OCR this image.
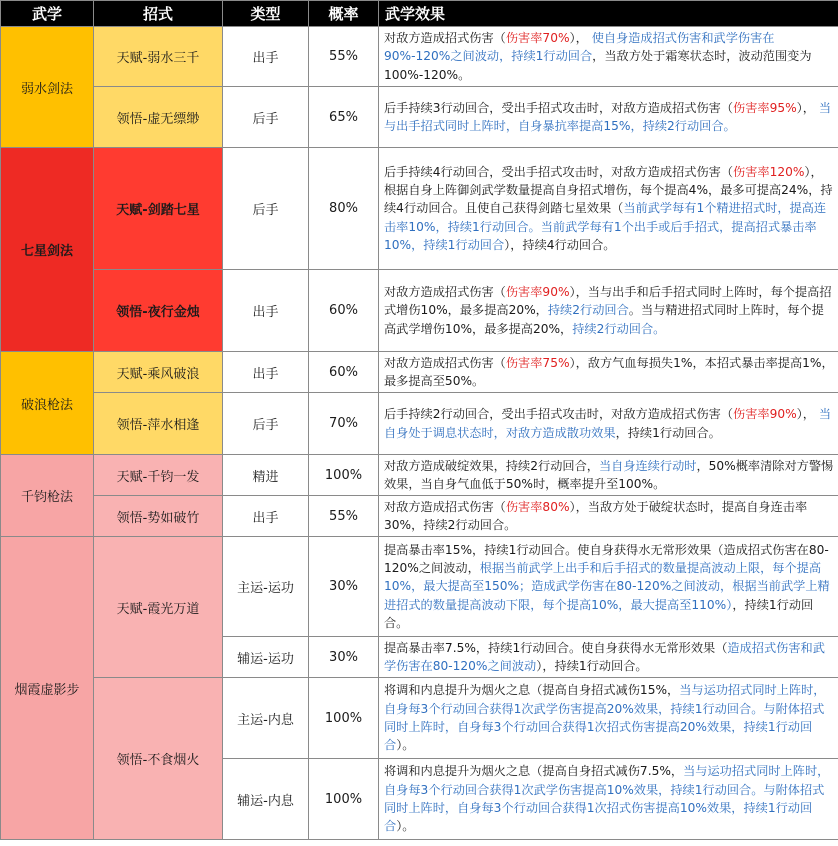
武学	招式	类型	概率	武学效果
弱水剑法	天赋-弱水三千	出手	55%	对敌方造成招式伤害（伤害率70%）， 使自身造成招式伤害和武学伤害在90%-120%之间波动，持续1行动回合，当敌方处于霜寒状态时，波动范围变为100%-120%。
	领悟-虚无缥缈	后手	65%	后手持续3行动回合，受出手招式攻击时，对敌方造成招式伤害（伤害率95%）， 当与出手招式同时上阵时，自身暴抗率提高15%，持续2行动回合。
七星剑法	天赋-剑踏七星	后手	80%	后手持续4行动回合，受出手招式攻击时，对敌方造成招式伤害（伤害率120%），根据自身上阵御剑武学数量提高自身招式增伤，每个提高4%，最多可提高24%，持续4行动回合。且使自己获得剑踏七星效果（当前武学每有1个精进招式时，提高连击率10%，持续1行动回合。当前武学每有1个出手或后手招式，提高招式暴击率10%，持续1行动回合），持续4行动回合。
	领悟-夜行金烛	出手	60%	对敌方造成招式伤害（伤害率90%），当与出手和后手招式同时上阵时，每个提高招式增伤10%，最多提高20%，持续2行动回合。当与精进招式同时上阵时，每个提高武学增伤10%，最多提高20%，持续2行动回合。
破浪枪法	天赋-乘风破浪	出手	60%	对敌方造成招式伤害（伤害率75%），敌方气血每损失1%，本招式暴击率提高1%，最多提高至50%。
	领悟-萍水相逢	后手	70%	后手持续2行动回合，受出手招式攻击时，对敌方造成招式伤害（伤害率90%）， 当自身处于调息状态时，对敌方造成散功效果，持续1行动回合。
千钧枪法	天赋-千钧一发	精进	100%	对敌方造成破绽效果，持续2行动回合，当自身连续行动时，50%概率清除对方警惕效果，当自身气血低于50%时，概率提升至100%。
	领悟-势如破竹	出手	55%	对敌方造成招式伤害（伤害率80%），当敌方处于破绽状态时，提高自身连击率30%，持续2行动回合。
烟霞虚影步	天赋-霞光万道	主运-运功	30%	提高暴击率15%，持续1行动回合。使自身获得水无常形效果（造成招式伤害在80-120%之间波动，根据当前武学上出手和后手招式的数量提高波动上限，每个提高10%，最大提高至150%；造成武学伤害在80-120%之间波动，根据当前武学上精进招式的数量提高波动下限，每个提高10%，最大提高至110%），持续1行动回合。
		辅运-运功	30%	提高暴击率7.5%，持续1行动回合。使自身获得水无常形效果（造成招式伤害和武学伤害在80-120%之间波动），持续1行动回合。
	领悟-不食烟火	主运-内息	100%	将调和内息提升为烟火之息（提高自身招式减伤15%，当与运功招式同时上阵时，自身每3个行动回合获得1次武学伤害提高20%效果，持续1行动回合。与附体招式同时上阵时，自身每3个行动回合获得1次招式伤害提高20%效果，持续1行动回合）。
		辅运-内息	100%	将调和内息提升为烟火之息（提高自身招式减伤7.5%，当与运功招式同时上阵时，自身每3个行动回合获得1次武学伤害提高10%效果，持续1行动回合。与附体招式同时上阵时，自身每3个行动回合获得1次招式伤害提高10%效果，持续1行动回合）。
